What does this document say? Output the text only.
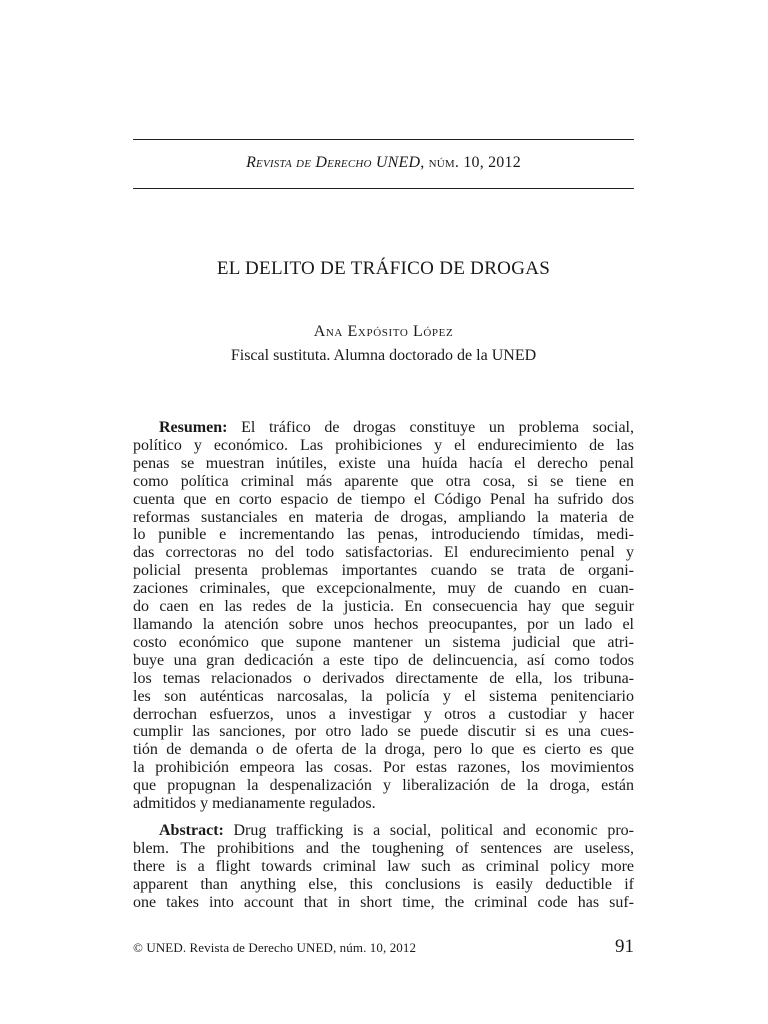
Revista de Derecho UNED, núm. 10, 2012
EL DELITO DE TRÁFICO DE DROGAS
Ana Expósito López
Fiscal sustituta. Alumna doctorado de la UNED
Resumen: El tráfico de drogas constituye un problema social,
político y económico. Las prohibiciones y el endurecimiento de las
penas se muestran inútiles, existe una huída hacía el derecho penal
como política criminal más aparente que otra cosa, si se tiene en
cuenta que en corto espacio de tiempo el Código Penal ha sufrido dos
reformas sustanciales en materia de drogas, ampliando la materia de
lo punible e incrementando las penas, introduciendo tímidas, medi-
das correctoras no del todo satisfactorias. El endurecimiento penal y
policial presenta problemas importantes cuando se trata de organi-
zaciones criminales, que excepcionalmente, muy de cuando en cuan-
do caen en las redes de la justicia. En consecuencia hay que seguir
llamando la atención sobre unos hechos preocupantes, por un lado el
costo económico que supone mantener un sistema judicial que atri-
buye una gran dedicación a este tipo de delincuencia, así como todos
los temas relacionados o derivados directamente de ella, los tribuna-
les son auténticas narcosalas, la policía y el sistema penitenciario
derrochan esfuerzos, unos a investigar y otros a custodiar y hacer
cumplir las sanciones, por otro lado se puede discutir si es una cues-
tión de demanda o de oferta de la droga, pero lo que es cierto es que
la prohibición empeora las cosas. Por estas razones, los movimientos
que propugnan la despenalización y liberalización de la droga, están
admitidos y medianamente regulados.
Abstract: Drug trafficking is a social, political and economic pro-
blem. The prohibitions and the toughening of sentences are useless,
there is a flight towards criminal law such as criminal policy more
apparent than anything else, this conclusions is easily deductible if
one takes into account that in short time, the criminal code has suf-
© UNED. Revista de Derecho UNED, núm. 10, 2012	91
